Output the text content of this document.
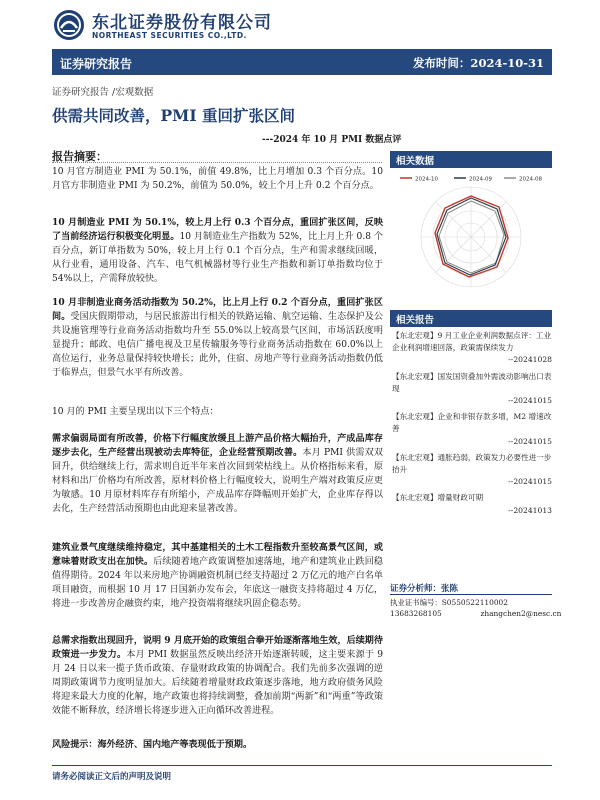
东北证券股份有限公司
NORTHEAST SECURITIES CO.,LTD.
证券研究报告	发布时间：2024-10-31
证券研究报告 /宏观数据
供需共同改善，PMI 重回扩张区间
---2024 年 10 月 PMI 数据点评
报告摘要：

10 月官方制造业 PMI 为 50.1%，前值 49.8%，比上月增加 0.3 个百分点。10 月官方非制造业 PMI 为 50.2%，前值为 50.0%，较上个月上升 0.2 个百分点。

10 月制造业 PMI 为 50.1%，较上月上行 0.3 个百分点，重回扩张区间，反映了当前经济运行积极变化明显。10 月制造业生产指数为 52%，比上月上升 0.8 个百分点，新订单指数为 50%，较上月上行 0.1 个百分点，生产和需求继续回暖，从行业看，通用设备、汽车、电气机械器材等行业生产指数和新订单指数均位于 54%以上，产需释放较快。

10 月非制造业商务活动指数为 50.2%，比上月上行 0.2 个百分点，重回扩张区间。受国庆假期带动，与居民旅游出行相关的铁路运输、航空运输、生态保护及公共设施管理等行业商务活动指数均升至 55.0%以上较高景气区间，市场活跃度明显提升；邮政、电信广播电视及卫星传输服务等行业商务活动指数在 60.0%以上高位运行，业务总量保持较快增长；此外，住宿、房地产等行业商务活动指数仍低于临界点，但景气水平有所改善。

10 月的 PMI 主要呈现出以下三个特点：

需求偏弱局面有所改善，价格下行幅度放缓且上游产品价格大幅抬升，产成品库存逐步去化，生产经营出现被动去库特征，企业经营预期改善。本月 PMI 供需双双回升，供给继续上行，需求则自近半年来首次回到荣枯线上。从价格指标来看，原材料和出厂价格均有所改善，原材料价格上行幅度较大，说明生产端对政策反应更为敏感。10 月原材料库存有所缩小，产成品库存降幅则开始扩大，企业库存得以去化，生产经营活动预期也由此迎来显著改善。

建筑业景气度继续维持稳定，其中基建相关的土木工程指数升至较高景气区间，或意味着财政支出在加快。后续随着地产政策调整加速落地，地产和建筑业止跌回稳值得期待。2024 年以来房地产协调融资机制已经支持超过 2 万亿元的地产白名单项目融资，而根据 10 月 17 日国新办发布会，年底这一融资支持将超过 4 万亿，将进一步改善房企融资约束，地产投资端将继续巩固企稳态势。

总需求指数出现回升，说明 9 月底开始的政策组合拳开始逐渐落地生效，后续期待政策进一步发力。本月 PMI 数据虽然反映出经济开始逐渐转暖，这主要来源于 9 月 24 日以来一揽子货币政策、存量财政政策的协调配合。我们先前多次强调的逆周期政策调节力度明显加大。后续随着增量财政政策逐步落地，地方政府债务风险将迎来最大力度的化解，地产政策也将持续调整，叠加前期“两新”和“两重”等政策效能不断释放，经济增长将逐步进入正向循环改善进程。

风险提示：海外经济、国内地产等表现低于预期。

相关数据
2024-10	2024-09	2024-08
相关报告
【东北宏观】9 月工业企业利润数据点评：工业企业利润增速回落，政策需保续发力
--20241028
【东北宏观】国发国资叠加外需波动影响出口表现
--20241015
【东北宏观】企业和非银存款多增，M2 增速改善
--20241015
【东北宏观】通胀趋弱，政策发力必要性进一步抬升
--20241015
【东北宏观】增量财政可期
--20241013
证券分析师：张陈
执业证书编号：S0550522110002
13683268105	zhangchen2@nesc.cn
请务必阅读正文后的声明及说明
